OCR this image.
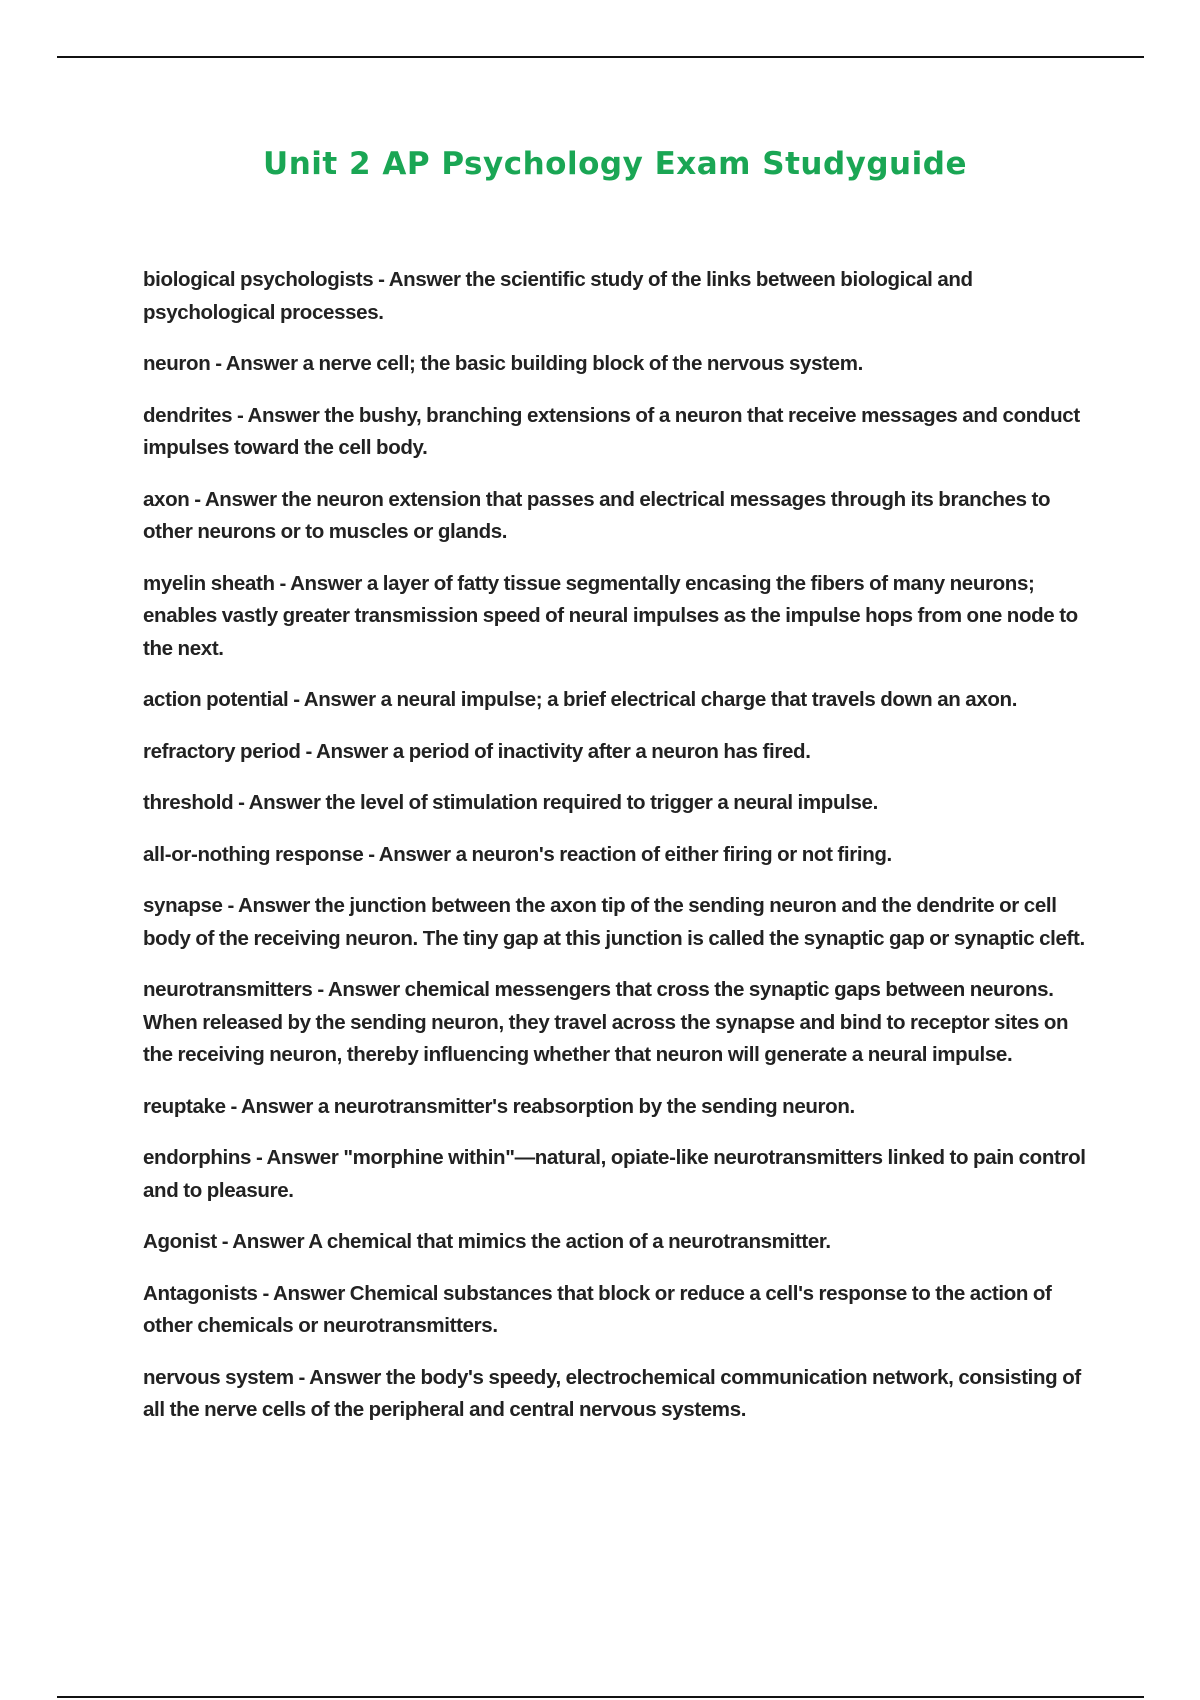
Unit 2 AP Psychology Exam Studyguide
biological psychologists - Answer the scientific study of the links between biological and psychological processes.
neuron - Answer a nerve cell; the basic building block of the nervous system.
dendrites - Answer the bushy, branching extensions of a neuron that receive messages and conduct impulses toward the cell body.
axon - Answer the neuron extension that passes and electrical messages through its branches to other neurons or to muscles or glands.
myelin sheath - Answer a layer of fatty tissue segmentally encasing the fibers of many neurons; enables vastly greater transmission speed of neural impulses as the impulse hops from one node to the next.
action potential - Answer a neural impulse; a brief electrical charge that travels down an axon.
refractory period - Answer a period of inactivity after a neuron has fired.
threshold - Answer the level of stimulation required to trigger a neural impulse.
all-or-nothing response - Answer a neuron's reaction of either firing or not firing.
synapse - Answer the junction between the axon tip of the sending neuron and the dendrite or cell body of the receiving neuron. The tiny gap at this junction is called the synaptic gap or synaptic cleft.
neurotransmitters - Answer chemical messengers that cross the synaptic gaps between neurons. When released by the sending neuron, they travel across the synapse and bind to receptor sites on the receiving neuron, thereby influencing whether that neuron will generate a neural impulse.
reuptake - Answer a neurotransmitter's reabsorption by the sending neuron.
endorphins - Answer "morphine within"—natural, opiate-like neurotransmitters linked to pain control and to pleasure.
Agonist - Answer A chemical that mimics the action of a neurotransmitter.
Antagonists - Answer Chemical substances that block or reduce a cell's response to the action of other chemicals or neurotransmitters.
nervous system - Answer the body's speedy, electrochemical communication network, consisting of all the nerve cells of the peripheral and central nervous systems.
